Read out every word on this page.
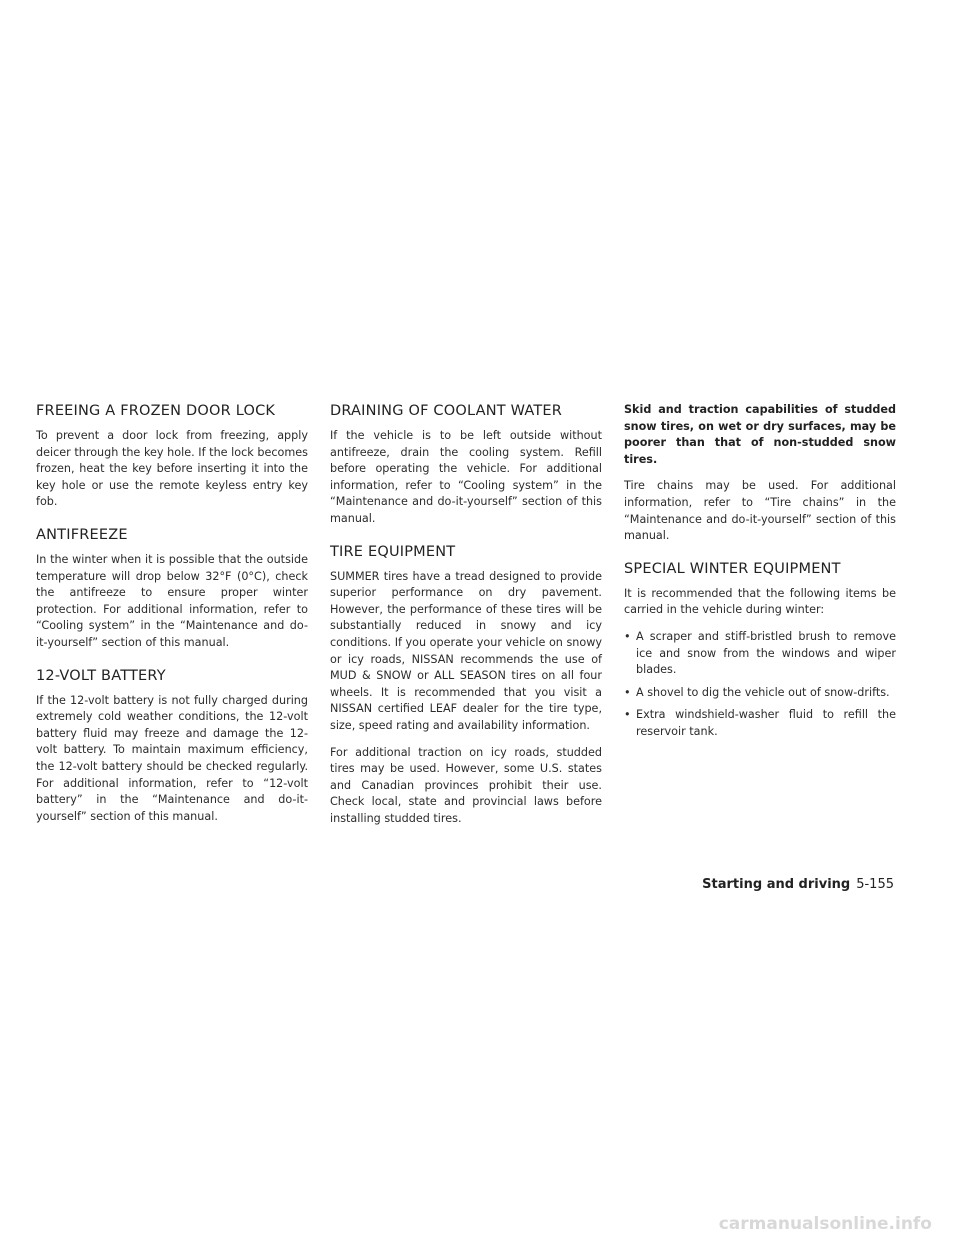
FREEING A FROZEN DOOR LOCK

To prevent a door lock from freezing, apply deicer through the key hole. If the lock becomes frozen, heat the key before inserting it into the key hole or use the remote keyless entry key fob.

ANTIFREEZE

In the winter when it is possible that the outside temperature will drop below 32°F (0°C), check the antifreeze to ensure proper winter protection. For additional information, refer to “Cooling system” in the “Maintenance and do-it-yourself” section of this manual.

12-VOLT BATTERY

If the 12-volt battery is not fully charged during extremely cold weather conditions, the 12-volt battery fluid may freeze and damage the 12-volt battery. To maintain maximum efficiency, the 12-volt battery should be checked regularly. For additional information, refer to “12-volt battery” in the “Maintenance and do-it-yourself” section of this manual.

DRAINING OF COOLANT WATER

If the vehicle is to be left outside without antifreeze, drain the cooling system. Refill before operating the vehicle. For additional information, refer to “Cooling system” in the “Maintenance and do-it-yourself” section of this manual.

TIRE EQUIPMENT

SUMMER tires have a tread designed to provide superior performance on dry pavement. However, the performance of these tires will be substantially reduced in snowy and icy conditions. If you operate your vehicle on snowy or icy roads, NISSAN recommends the use of MUD & SNOW or ALL SEASON tires on all four wheels. It is recommended that you visit a NISSAN certified LEAF dealer for the tire type, size, speed rating and availability information.

For additional traction on icy roads, studded tires may be used. However, some U.S. states and Canadian provinces prohibit their use. Check local, state and provincial laws before installing studded tires.

Skid and traction capabilities of studded snow tires, on wet or dry surfaces, may be poorer than that of non-studded snow tires.

Tire chains may be used. For additional information, refer to “Tire chains” in the “Maintenance and do-it-yourself” section of this manual.

SPECIAL WINTER EQUIPMENT

It is recommended that the following items be carried in the vehicle during winter:

• A scraper and stiff-bristled brush to remove ice and snow from the windows and wiper blades.
• A shovel to dig the vehicle out of snow-drifts.
• Extra windshield-washer fluid to refill the reservoir tank.
Starting and driving 5-155
carmanualsonline.info
